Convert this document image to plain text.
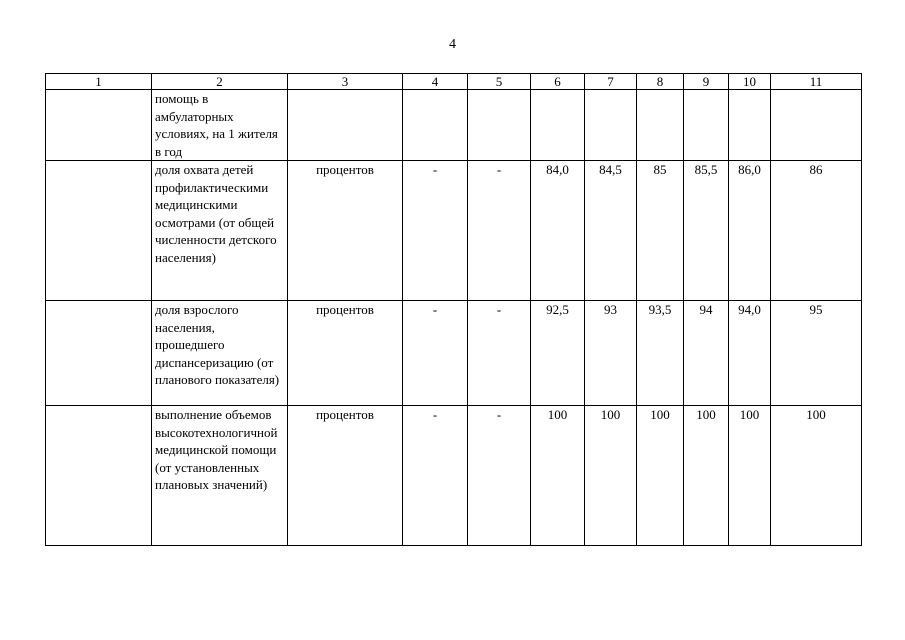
4
1	2	3	4	5	6	7	8	9	10	11
	помощь в амбулаторных условиях, на 1 жителя в год									
	доля охвата детей профилактическими медицинскими осмотрами (от общей численности детского населения)	процентов	-	-	84,0	84,5	85	85,5	86,0	86
	доля взрослого населения, прошедшего диспансеризацию (от планового показателя)	процентов	-	-	92,5	93	93,5	94	94,0	95
	выполнение объемов высокотехнологичной медицинской помощи (от установленных плановых значений)	процентов	-	-	100	100	100	100	100	100
